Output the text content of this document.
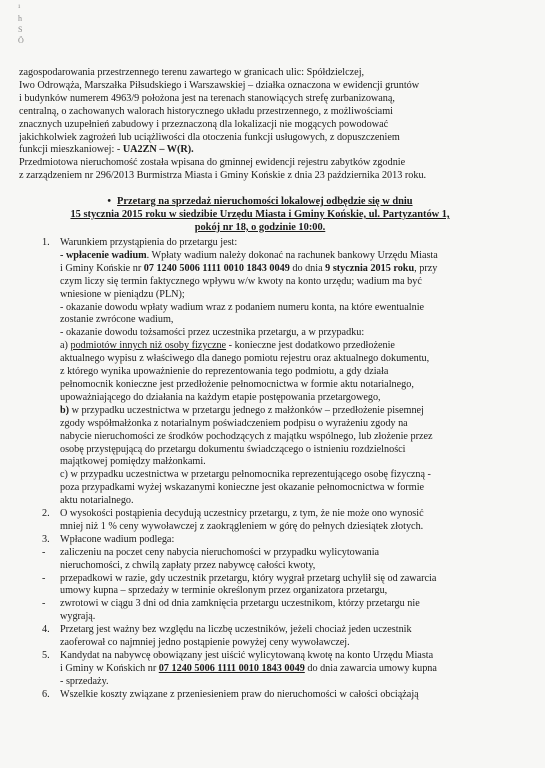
¹
h
S
Ö
zagospodarowania przestrzennego terenu zawartego w granicach ulic: Spółdzielczej,
Iwo Odrowąża, Marszałka Piłsudskiego i Warszawskiej – działka oznaczona w ewidencji gruntów
i budynków numerem 4963/9 położona jest na terenach stanowiących strefę zurbanizowaną,
centralną, o zachowanych walorach historycznego układu przestrzennego, z możliwościami
znacznych uzupełnień zabudowy i przeznaczoną dla lokalizacji nie mogących powodować
jakichkolwiek zagrożeń lub uciążliwości dla otoczenia funkcji usługowych, z dopuszczeniem
funkcji mieszkaniowej: - UA2ZN – W(R).
Przedmiotowa nieruchomość została wpisana do gminnej ewidencji rejestru zabytków zgodnie
z zarządzeniem nr 296/2013 Burmistrza Miasta i Gminy Końskie z dnia 23 października 2013 roku.
• Przetarg na sprzedaż nieruchomości lokalowej odbędzie się w dniu
15 stycznia 2015 roku w siedzibie Urzędu Miasta i Gminy Końskie, ul. Partyzantów 1,
pokój nr 18, o godzinie 10:00.
1.	Warunkiem przystąpienia do przetargu jest:
- wpłacenie wadium. Wpłaty wadium należy dokonać na rachunek bankowy Urzędu Miasta
i Gminy Końskie nr 07 1240 5006 1111 0010 1843 0049 do dnia 9 stycznia 2015 roku, przy
czym liczy się termin faktycznego wpływu w/w kwoty na konto urzędu; wadium ma być
wniesione w pieniądzu (PLN);
- okazanie dowodu wpłaty wadium wraz z podaniem numeru konta, na które ewentualnie
zostanie zwrócone wadium,
- okazanie dowodu tożsamości przez uczestnika przetargu, a w przypadku:
a) podmiotów innych niż osoby fizyczne - konieczne jest dodatkowo przedłożenie
aktualnego wypisu z właściwego dla danego pomiotu rejestru oraz aktualnego dokumentu,
z którego wynika upoważnienie do reprezentowania tego podmiotu, a gdy działa
pełnomocnik konieczne jest przedłożenie pełnomocnictwa w formie aktu notarialnego,
upoważniającego do działania na każdym etapie postępowania przetargowego,
b) w przypadku uczestnictwa w przetargu jednego z małżonków – przedłożenie pisemnej
zgody współmałżonka z notarialnym poświadczeniem podpisu o wyrażeniu zgody na
nabycie nieruchomości ze środków pochodzących z majątku wspólnego, lub złożenie przez
osobę przystępującą do przetargu dokumentu świadczącego o istnieniu rozdzielności
majątkowej pomiędzy małżonkami.
c) w przypadku uczestnictwa w przetargu pełnomocnika reprezentującego osobę fizyczną -
poza przypadkami wyżej wskazanymi konieczne jest okazanie pełnomocnictwa w formie
aktu notarialnego.
2.	O wysokości postąpienia decydują uczestnicy przetargu, z tym, że nie może ono wynosić
mniej niż 1 % ceny wywoławczej z zaokrągleniem w górę do pełnych dziesiątek złotych.
3.	Wpłacone wadium podlega:
-	zaliczeniu na poczet ceny nabycia nieruchomości w przypadku wylicytowania
nieruchomości, z chwilą zapłaty przez nabywcę całości kwoty,
-	przepadkowi w razie, gdy uczestnik przetargu, który wygrał przetarg uchylił się od zawarcia
umowy kupna – sprzedaży w terminie określonym przez organizatora przetargu,
-	zwrotowi w ciągu 3 dni od dnia zamknięcia przetargu uczestnikom, którzy przetargu nie
wygrają.
4.	Przetarg jest ważny bez względu na liczbę uczestników, jeżeli chociaż jeden uczestnik
zaoferował co najmniej jedno postąpienie powyżej ceny wywoławczej.
5.	Kandydat na nabywcę obowiązany jest uiścić wylicytowaną kwotę na konto Urzędu Miasta
i Gminy w Końskich nr 07 1240 5006 1111 0010 1843 0049 do dnia zawarcia umowy kupna
- sprzedaży.
6.	Wszelkie koszty związane z przeniesieniem praw do nieruchomości w całości obciążają
